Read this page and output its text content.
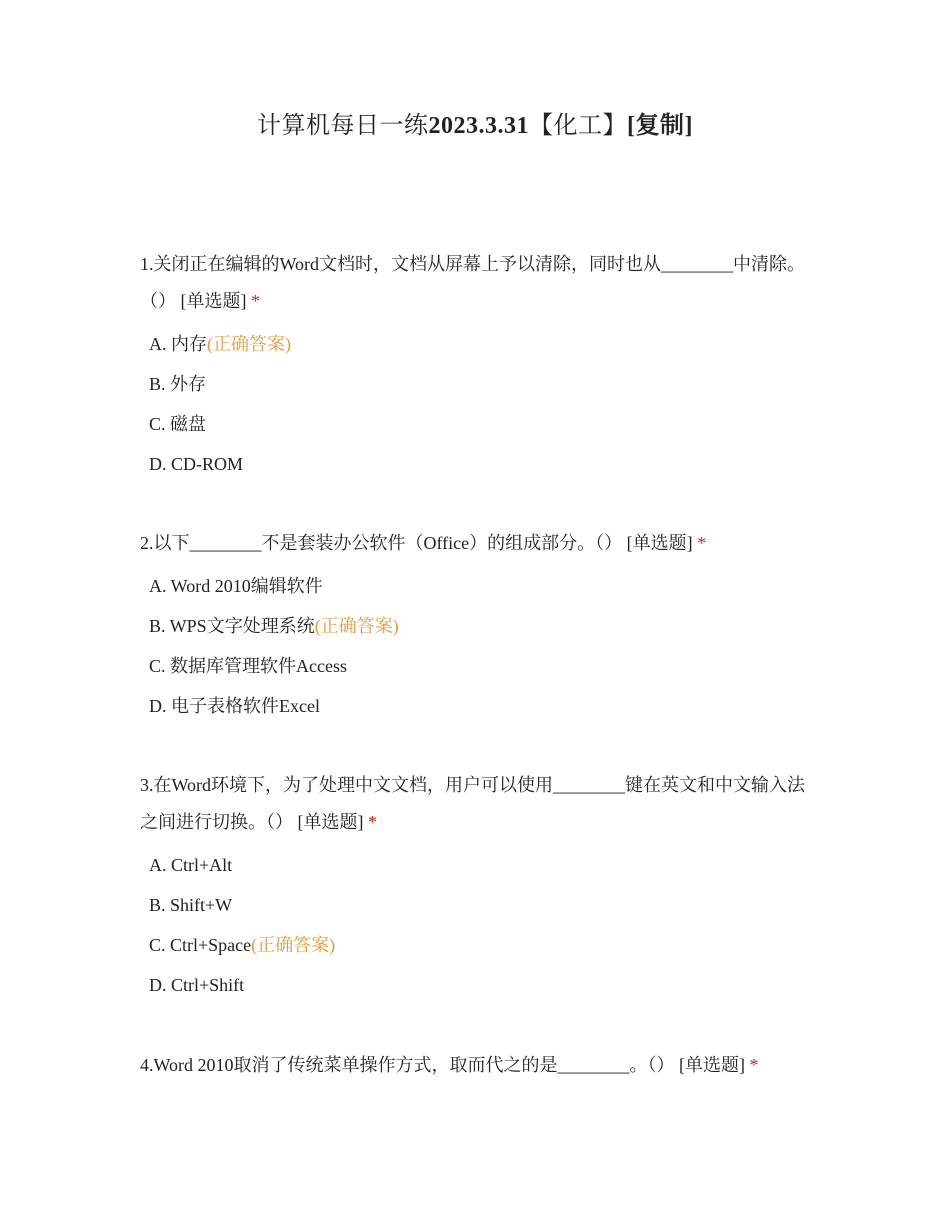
计算机每日一练2023.3.31【化工】[复制]

1.关闭正在编辑的Word文档时，文档从屏幕上予以清除，同时也从________中清除。（） [单选题] *

A. 内存(正确答案)
B. 外存
C. 磁盘
D. CD-ROM

2.以下________不是套装办公软件（Office）的组成部分。（） [单选题] *

A. Word 2010编辑软件
B. WPS文字处理系统(正确答案)
C. 数据库管理软件Access
D. 电子表格软件Excel

3.在Word环境下，为了处理中文文档，用户可以使用________键在英文和中文输入法之间进行切换。（） [单选题] *

A. Ctrl+Alt
B. Shift+W
C. Ctrl+Space(正确答案)
D. Ctrl+Shift

4.Word 2010取消了传统菜单操作方式，取而代之的是________。（） [单选题] *
